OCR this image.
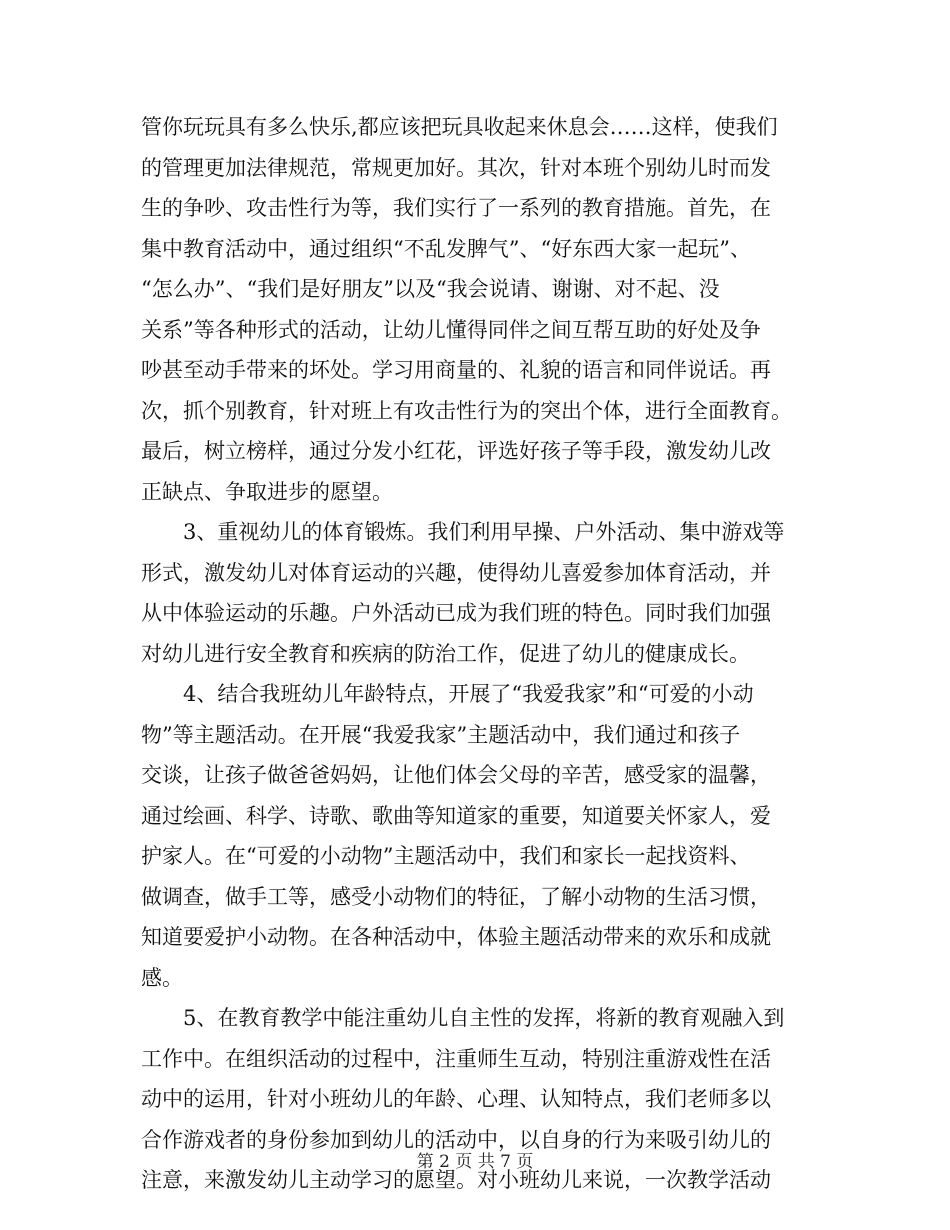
管你玩玩具有多么快乐,都应该把玩具收起来休息会……这样，使我们
的管理更加法律规范，常规更加好。其次，针对本班个别幼儿时而发
生的争吵、攻击性行为等，我们实行了一系列的教育措施。首先，在
集中教育活动中，通过组织“不乱发脾气”、“好东西大家一起玩”、
“怎么办”、“我们是好朋友”以及“我会说请、谢谢、对不起、没
关系”等各种形式的活动，让幼儿懂得同伴之间互帮互助的好处及争
吵甚至动手带来的坏处。学习用商量的、礼貌的语言和同伴说话。再
次，抓个别教育，针对班上有攻击性行为的突出个体，进行全面教育。
最后，树立榜样，通过分发小红花，评选好孩子等手段，激发幼儿改
正缺点、争取进步的愿望。
3、重视幼儿的体育锻炼。我们利用早操、户外活动、集中游戏等
形式，激发幼儿对体育运动的兴趣，使得幼儿喜爱参加体育活动，并
从中体验运动的乐趣。户外活动已成为我们班的特色。同时我们加强
对幼儿进行安全教育和疾病的防治工作，促进了幼儿的健康成长。
4、结合我班幼儿年龄特点，开展了“我爱我家”和“可爱的小动
物”等主题活动。在开展“我爱我家”主题活动中，我们通过和孩子
交谈，让孩子做爸爸妈妈，让他们体会父母的辛苦，感受家的温馨，
通过绘画、科学、诗歌、歌曲等知道家的重要，知道要关怀家人，爱
护家人。在“可爱的小动物”主题活动中，我们和家长一起找资料、
做调查，做手工等，感受小动物们的特征，了解小动物的生活习惯，
知道要爱护小动物。在各种活动中，体验主题活动带来的欢乐和成就
感。
5、在教育教学中能注重幼儿自主性的发挥，将新的教育观融入到
工作中。在组织活动的过程中，注重师生互动，特别注重游戏性在活
动中的运用，针对小班幼儿的年龄、心理、认知特点，我们老师多以
合作游戏者的身份参加到幼儿的活动中，以自身的行为来吸引幼儿的
注意，来激发幼儿主动学习的愿望。对小班幼儿来说，一次教学活动
第 2 页 共 7 页
